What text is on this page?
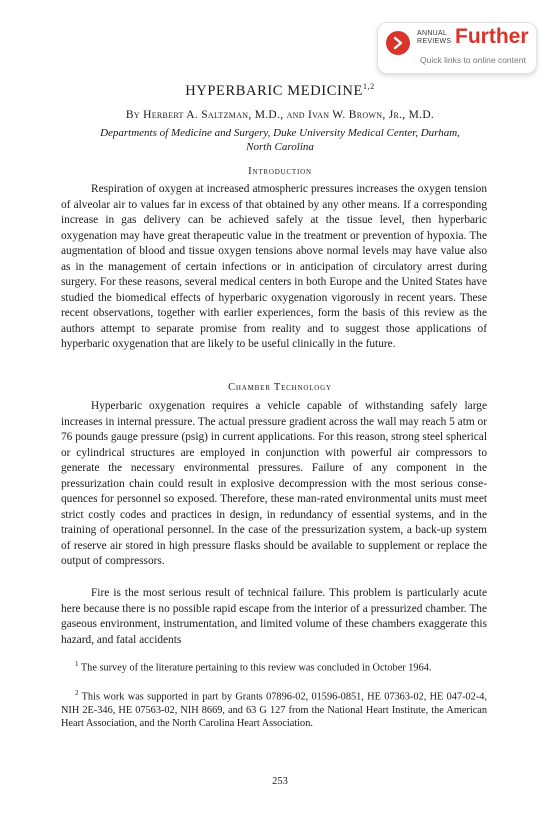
ANNUAL
REVIEWS Further
Quick links to online content
HYPERBARIC MEDICINE$^{1,2}$
By Herbert A. Saltzman, M.D., and Ivan W. Brown, Jr., M.D.
Departments of Medicine and Surgery, Duke University Medical Center, Durham,
North Carolina
Introduction

Respiration of oxygen at increased atmospheric pressures increases the oxygen tension of alveolar air to values far in excess of that obtained by any other means. If a corresponding increase in gas delivery can be achieved safely at the tissue level, then hyperbaric oxygenation may have great therapeutic value in the treatment or prevention of hypoxia. The augmentation of blood and tissue oxygen tensions above normal levels may have value also as in the management of certain infections or in anticipation of circulatory arrest during surgery. For these reasons, several medical centers in both Europe and the United States have studied the biomedical effects of hyperbaric oxygenation vigorously in recent years. These recent observations, together with earlier experiences, form the basis of this review as the authors attempt to separate promise from reality and to suggest those applications of hyperbaric oxygenation that are likely to be useful clinically in the future.

Chamber Technology

Hyperbaric oxygenation requires a vehicle capable of withstanding safely large increases in internal pressure. The actual pressure gradient across the wall may reach 5 atm or 76 pounds gauge pressure (psig) in current applications. For this reason, strong steel spherical or cylindrical structures are employed in conjunction with powerful air compressors to generate the necessary environmental pressures. Failure of any component in the pressurization chain could result in explosive decompression with the most serious consequences for personnel so exposed. Therefore, these man-rated environmental units must meet strict costly codes and practices in design, in redundancy of essential systems, and in the training of operational personnel. In the case of the pressurization system, a back-up system of reserve air stored in high pressure flasks should be available to supplement or replace the output of compressors.

Fire is the most serious result of technical failure. This problem is particularly acute here because there is no possible rapid escape from the interior of a pressurized chamber. The gaseous environment, instrumentation, and limited volume of these chambers exaggerate this hazard, and fatal accidents

$^1$ The survey of the literature pertaining to this review was concluded in October 1964.

$^2$ This work was supported in part by Grants 07896-02, 01596-0851, HE 07363-02, HE 047-02-4, NIH 2E-346, HE 07563-02, NIH 8669, and 63 G 127 from the National Heart Institute, the American Heart Association, and the North Carolina Heart Association.

253
